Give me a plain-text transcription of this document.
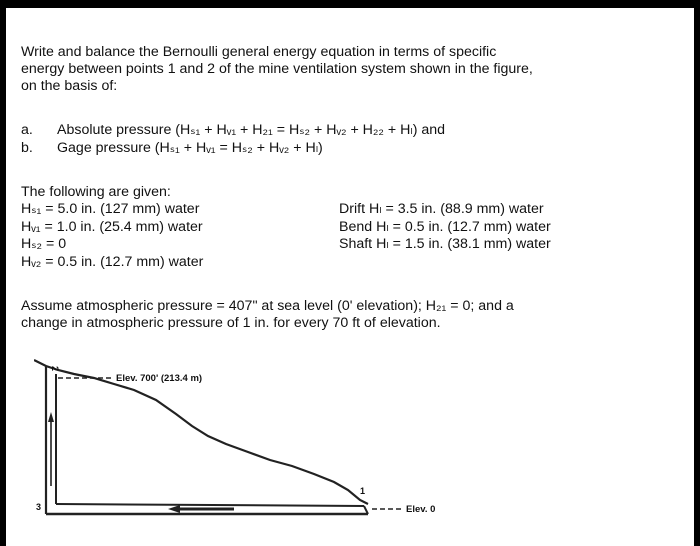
Write and balance the Bernoulli general energy equation in terms of specific
energy between points 1 and 2 of the mine ventilation system shown in the figure,
on the basis of:
a.	Absolute pressure (Hₛ₁ + Hᵥ₁ + H₂₁ = Hₛ₂ + Hᵥ₂ + H₂₂ + Hₗ) and
b.	Gage pressure (Hₛ₁ + Hᵥ₁ = Hₛ₂ + Hᵥ₂ + Hₗ)
The following are given:
Hₛ₁ = 5.0 in. (127 mm) water
Hᵥ₁ = 1.0 in. (25.4 mm) water
Hₛ₂ = 0
Hᵥ₂ = 0.5 in. (12.7 mm) water
Drift Hₗ = 3.5 in. (88.9 mm) water
Bend Hₗ = 0.5 in. (12.7 mm) water
Shaft Hₗ = 1.5 in. (38.1 mm) water
Assume atmospheric pressure = 407" at sea level (0' elevation); H₂₁ = 0; and a
change in atmospheric pressure of 1 in. for every 70 ft of elevation.
Elev. 700' (213.4 m)
Elev. 0
2
3
1
